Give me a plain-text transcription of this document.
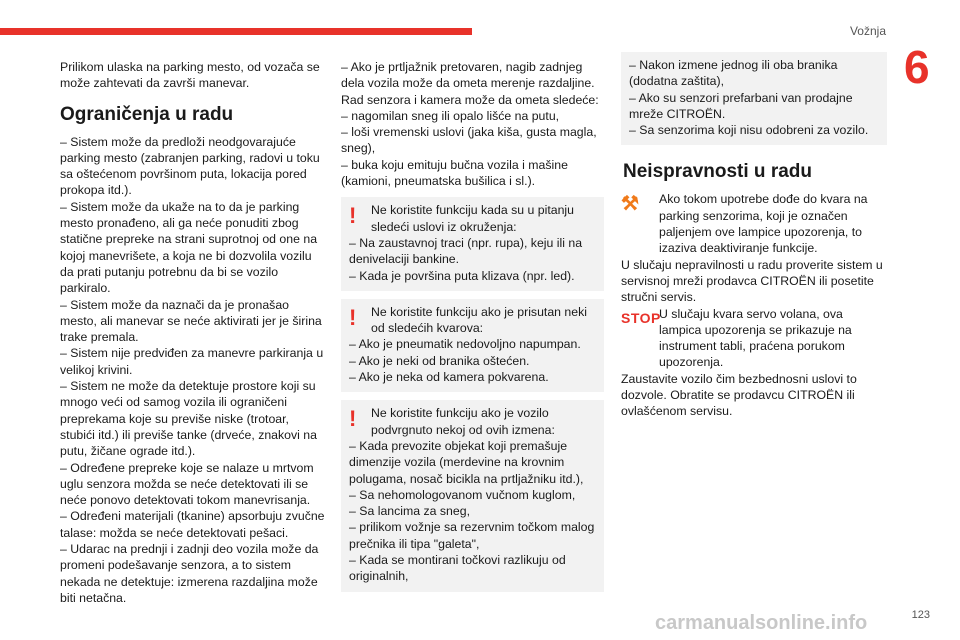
Vožnja
6

Prilikom ulaska na parking mesto, od vozača se može zahtevati da završi manevar.

Ograničenja u radu

– Sistem može da predloži neodgovarajuće parking mesto (zabranjen parking, radovi u toku sa oštećenom površinom puta, lokacija pored prokopa itd.).

– Sistem može da ukaže na to da je parking mesto pronađeno, ali ga neće ponuditi zbog statične prepreke na strani suprotnoj od one na kojoj manevrišete, a koja ne bi dozvolila vozilu da prati putanju potrebnu da bi se vozilo parkiralo.

– Sistem može da naznači da je pronašao mesto, ali manevar se neće aktivirati jer je širina trake premala.

– Sistem nije predviđen za manevre parkiranja u velikoj krivini.

– Sistem ne može da detektuje prostore koji su mnogo veći od samog vozila ili ograničeni preprekama koje su previše niske (trotoar, stubići itd.) ili previše tanke (drveće, znakovi na putu, žičane ograde itd.).

– Određene prepreke koje se nalaze u mrtvom uglu senzora možda se neće detektovati ili se neće ponovo detektovati tokom manevrisanja.

– Određeni materijali (tkanine) apsorbuju zvučne talase: možda se neće detektovati pešaci.

– Udarac na prednji i zadnji deo vozila može da promeni podešavanje senzora, a to sistem nekada ne detektuje: izmerena razdaljina može biti netačna.

– Ako je prtljažnik pretovaren, nagib zadnjeg dela vozila može da ometa merenje razdaljine.

Rad senzora i kamera može da ometa sledeće:

– nagomilan sneg ili opalo lišće na putu,

– loši vremenski uslovi (jaka kiša, gusta magla, sneg),

– buka koju emituju bučna vozila i mašine (kamioni, pneumatska bušilica i sl.).

!	Ne koristite funkciju kada su u pitanju sledeći uslovi iz okruženja:

– Na zaustavnoj traci (npr. rupa), keju ili na denivelaciji bankine.

– Kada je površina puta klizava (npr. led).

!	Ne koristite funkciju ako je prisutan neki od sledećih kvarova:

– Ako je pneumatik nedovoljno napumpan.

– Ako je neki od branika oštećen.

– Ako je neka od kamera pokvarena.

!	Ne koristite funkciju ako je vozilo podvrgnuto nekoj od ovih izmena:

– Kada prevozite objekat koji premašuje dimenzije vozila (merdevine na krovnim polugama, nosač bicikla na prtljažniku itd.),

– Sa nehomologovanom vučnom kuglom,

– Sa lancima za sneg,

– prilikom vožnje sa rezervnim točkom malog prečnika ili tipa "galeta",

– Kada se montirani točkovi razlikuju od originalnih,

– Nakon izmene jednog ili oba branika (dodatna zaštita),

– Ako su senzori prefarbani van prodajne mreže CITROËN.

– Sa senzorima koji nisu odobreni za vozilo.

Neispravnosti u radu
⚒	Ako tokom upotrebe dođe do kvara na parking senzorima, koji je označen paljenjem ove lampice upozorenja, to izaziva deaktiviranje funkcije.

U slučaju nepravilnosti u radu proverite sistem u servisnoj mreži prodavca CITROËN ili posetite stručni servis.

STOP

U slučaju kvara servo volana, ova lampica upozorenja se prikazuje na instrument tabli, praćena porukom upozorenja.

Zaustavite vozilo čim bezbednosni uslovi to dozvole. Obratite se prodavcu CITROËN ili ovlašćenom servisu.

carmanualsonline.info	123
